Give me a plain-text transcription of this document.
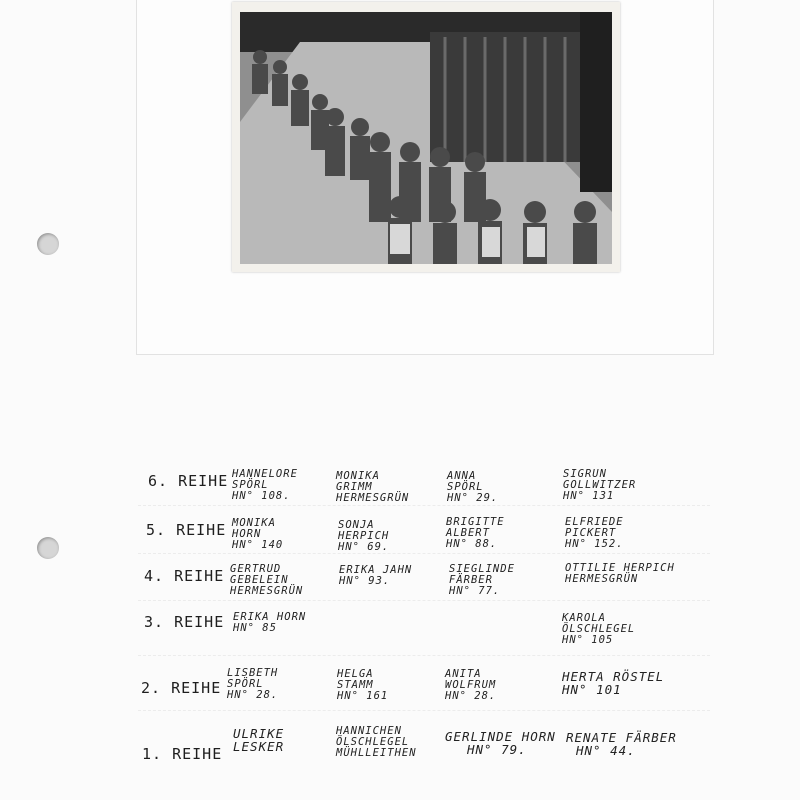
6. REIHE HANNELORE
SPÖRL
HN° 108.
MONIKA
GRIMM
HERMESGRÜN
ANNA
SPÖRL
HN° 29.
SIGRUN
GOLLWITZER
HN° 131
5. REIHE MONIKA
HORN
HN° 140
SONJA
HERPICH
HN° 69.
BRIGITTE
ALBERT
HN° 88.
ELFRIEDE
PICKERT
HN° 152.
4. REIHE GERTRUD
GEBELEIN
HERMESGRÜN
ERIKA JAHN
HN° 93.
SIEGLINDE
FÄRBER
HN° 77.
OTTILIE HERPICH
HERMESGRÜN
3. REIHE ERIKA HORN
HN° 85
KAROLA
ÖLSCHLEGEL
HN° 105
2. REIHE
LISBETH
SPÖRL
HN° 28.
HELGA
STAMM
HN° 161
ANITA
WOLFRUM
HN° 28.
HERTA RÖSTEL
HN° 101
1. REIHE
ULRIKE
LESKER
HANNICHEN
ÖLSCHLEGEL
MÜHLLEITHEN
GERLINDE HORN
HN° 79.
RENATE FÄRBER
HN° 44.
